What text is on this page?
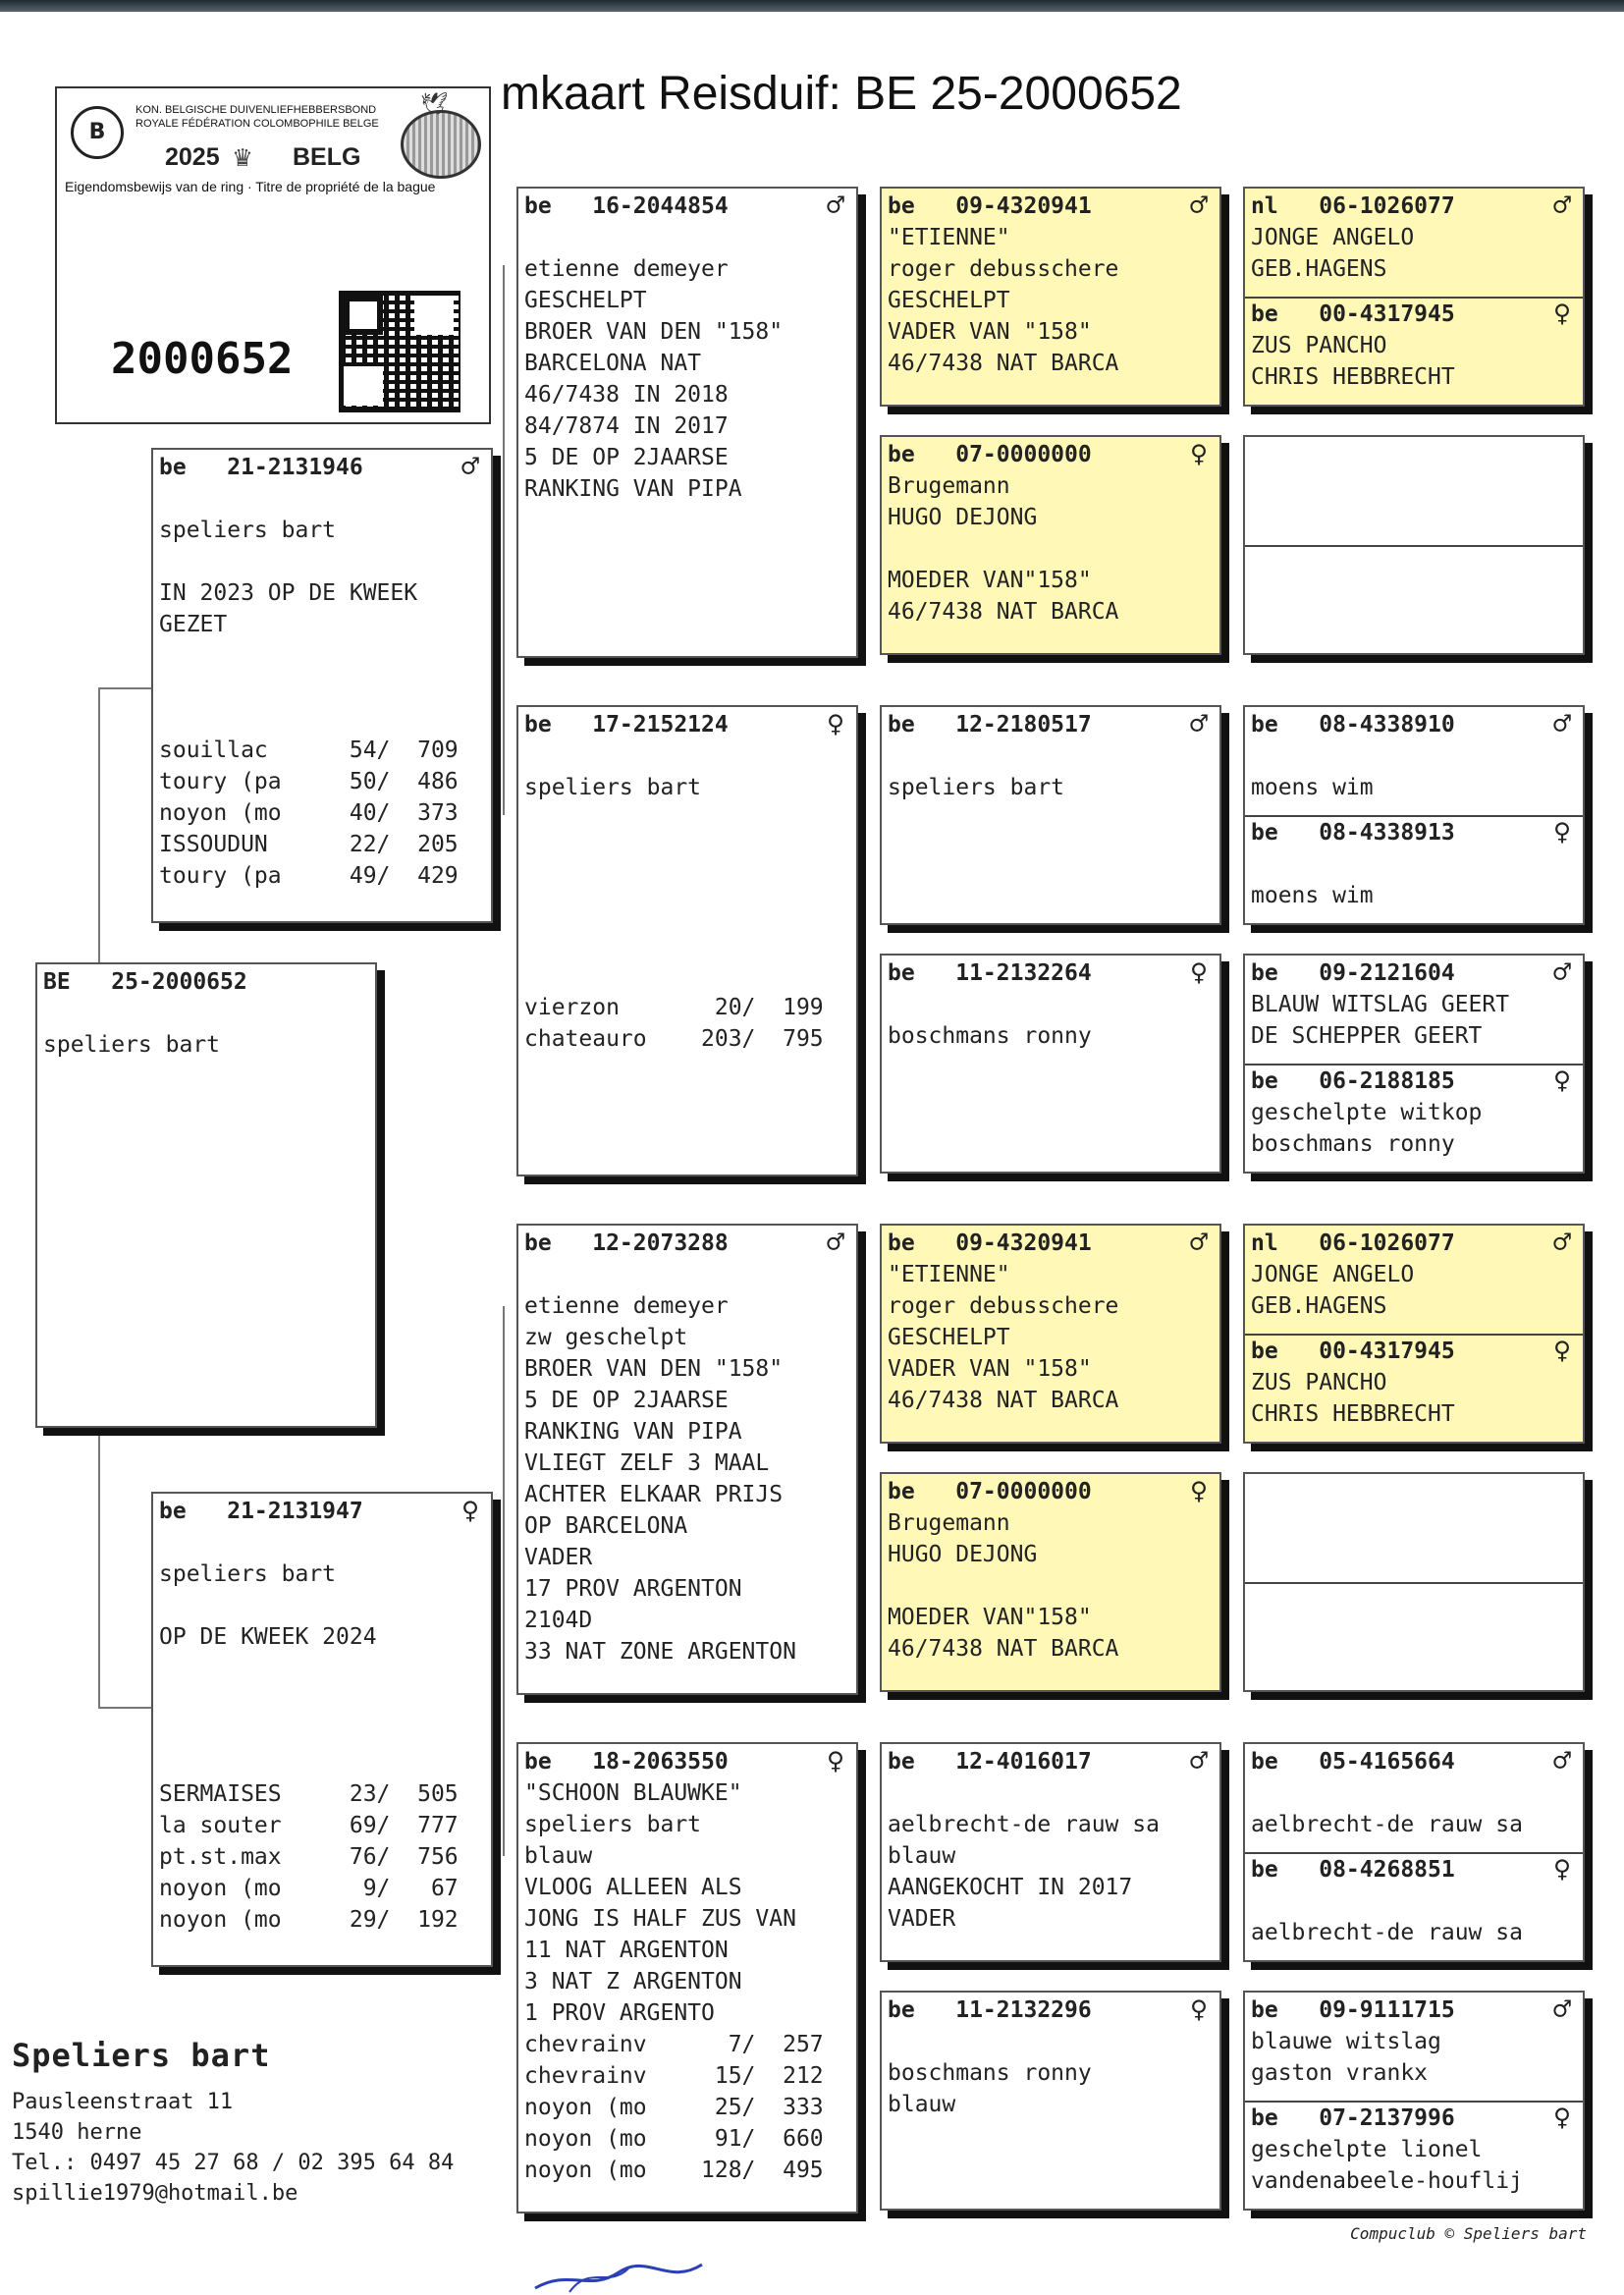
mkaart Reisduif: BE 25-2000652
B
KON. BELGISCHE DUIVENLIEFHEBBERSBOND
ROYALE FÉDÉRATION COLOMBOPHILE BELGE
2025 ♛ BELG
🕊
Eigendomsbewijs van de ring · Titre de propriété de la bague
2000652
BE   25-2000652
speliers bart
be   21-2131946	♂
speliers bart
IN 2023 OP DE KWEEK
GEZET
souillac      54/  709
toury (pa     50/  486
noyon (mo     40/  373
ISSOUDUN      22/  205
toury (pa     49/  429
be   21-2131947	♀
speliers bart
OP DE KWEEK 2024
SERMAISES     23/  505
la souter     69/  777
pt.st.max     76/  756
noyon (mo      9/   67
noyon (mo     29/  192
be   16-2044854	♂
etienne demeyer
GESCHELPT
BROER VAN DEN "158"
BARCELONA NAT
46/7438 IN 2018
84/7874 IN 2017
5 DE OP 2JAARSE
RANKING VAN PIPA
be   17-2152124	♀
speliers bart
vierzon       20/  199
chateauro    203/  795
be   12-2073288	♂
etienne demeyer
zw geschelpt
BROER VAN DEN "158"
5 DE OP 2JAARSE
RANKING VAN PIPA
VLIEGT ZELF 3 MAAL
ACHTER ELKAAR PRIJS
OP BARCELONA
VADER
17 PROV ARGENTON
2104D
33 NAT ZONE ARGENTON
be   18-2063550	♀
"SCHOON BLAUWKE"
speliers bart
blauw
VLOOG ALLEEN ALS
JONG IS HALF ZUS VAN
11 NAT ARGENTON
3 NAT Z ARGENTON
1 PROV ARGENTO
chevrainv      7/  257
chevrainv     15/  212
noyon (mo     25/  333
noyon (mo     91/  660
noyon (mo    128/  495
be   09-4320941	♂
"ETIENNE"
roger debusschere
GESCHELPT
VADER VAN "158"
46/7438 NAT BARCA
be   07-0000000	♀
Brugemann
HUGO DEJONG
MOEDER VAN"158"
46/7438 NAT BARCA
be   12-2180517	♂
speliers bart
be   11-2132264	♀
boschmans ronny
be   09-4320941	♂
"ETIENNE"
roger debusschere
GESCHELPT
VADER VAN "158"
46/7438 NAT BARCA
be   07-0000000	♀
Brugemann
HUGO DEJONG
MOEDER VAN"158"
46/7438 NAT BARCA
be   12-4016017	♂
aelbrecht-de rauw sa
blauw
AANGEKOCHT IN 2017
VADER
be   11-2132296	♀
boschmans ronny
blauw
nl   06-1026077	♂
JONGE ANGELO
GEB.HAGENS
be   00-4317945	♀
ZUS PANCHO
CHRIS HEBBRECHT
be   08-4338910	♂
moens wim
be   08-4338913	♀
moens wim
be   09-2121604	♂
BLAUW WITSLAG GEERT
DE SCHEPPER GEERT
be   06-2188185	♀
geschelpte witkop
boschmans ronny
nl   06-1026077	♂
JONGE ANGELO
GEB.HAGENS
be   00-4317945	♀
ZUS PANCHO
CHRIS HEBBRECHT
be   05-4165664	♂
aelbrecht-de rauw sa
be   08-4268851	♀
aelbrecht-de rauw sa
be   09-9111715	♂
blauwe witslag
gaston vrankx
be   07-2137996	♀
geschelpte lionel
vandenabeele-houflij
Speliers bart
Pausleenstraat 11
1540 herne
Tel.: 0497 45 27 68 / 02 395 64 84
spillie1979@hotmail.be
Compuclub © Speliers bart
